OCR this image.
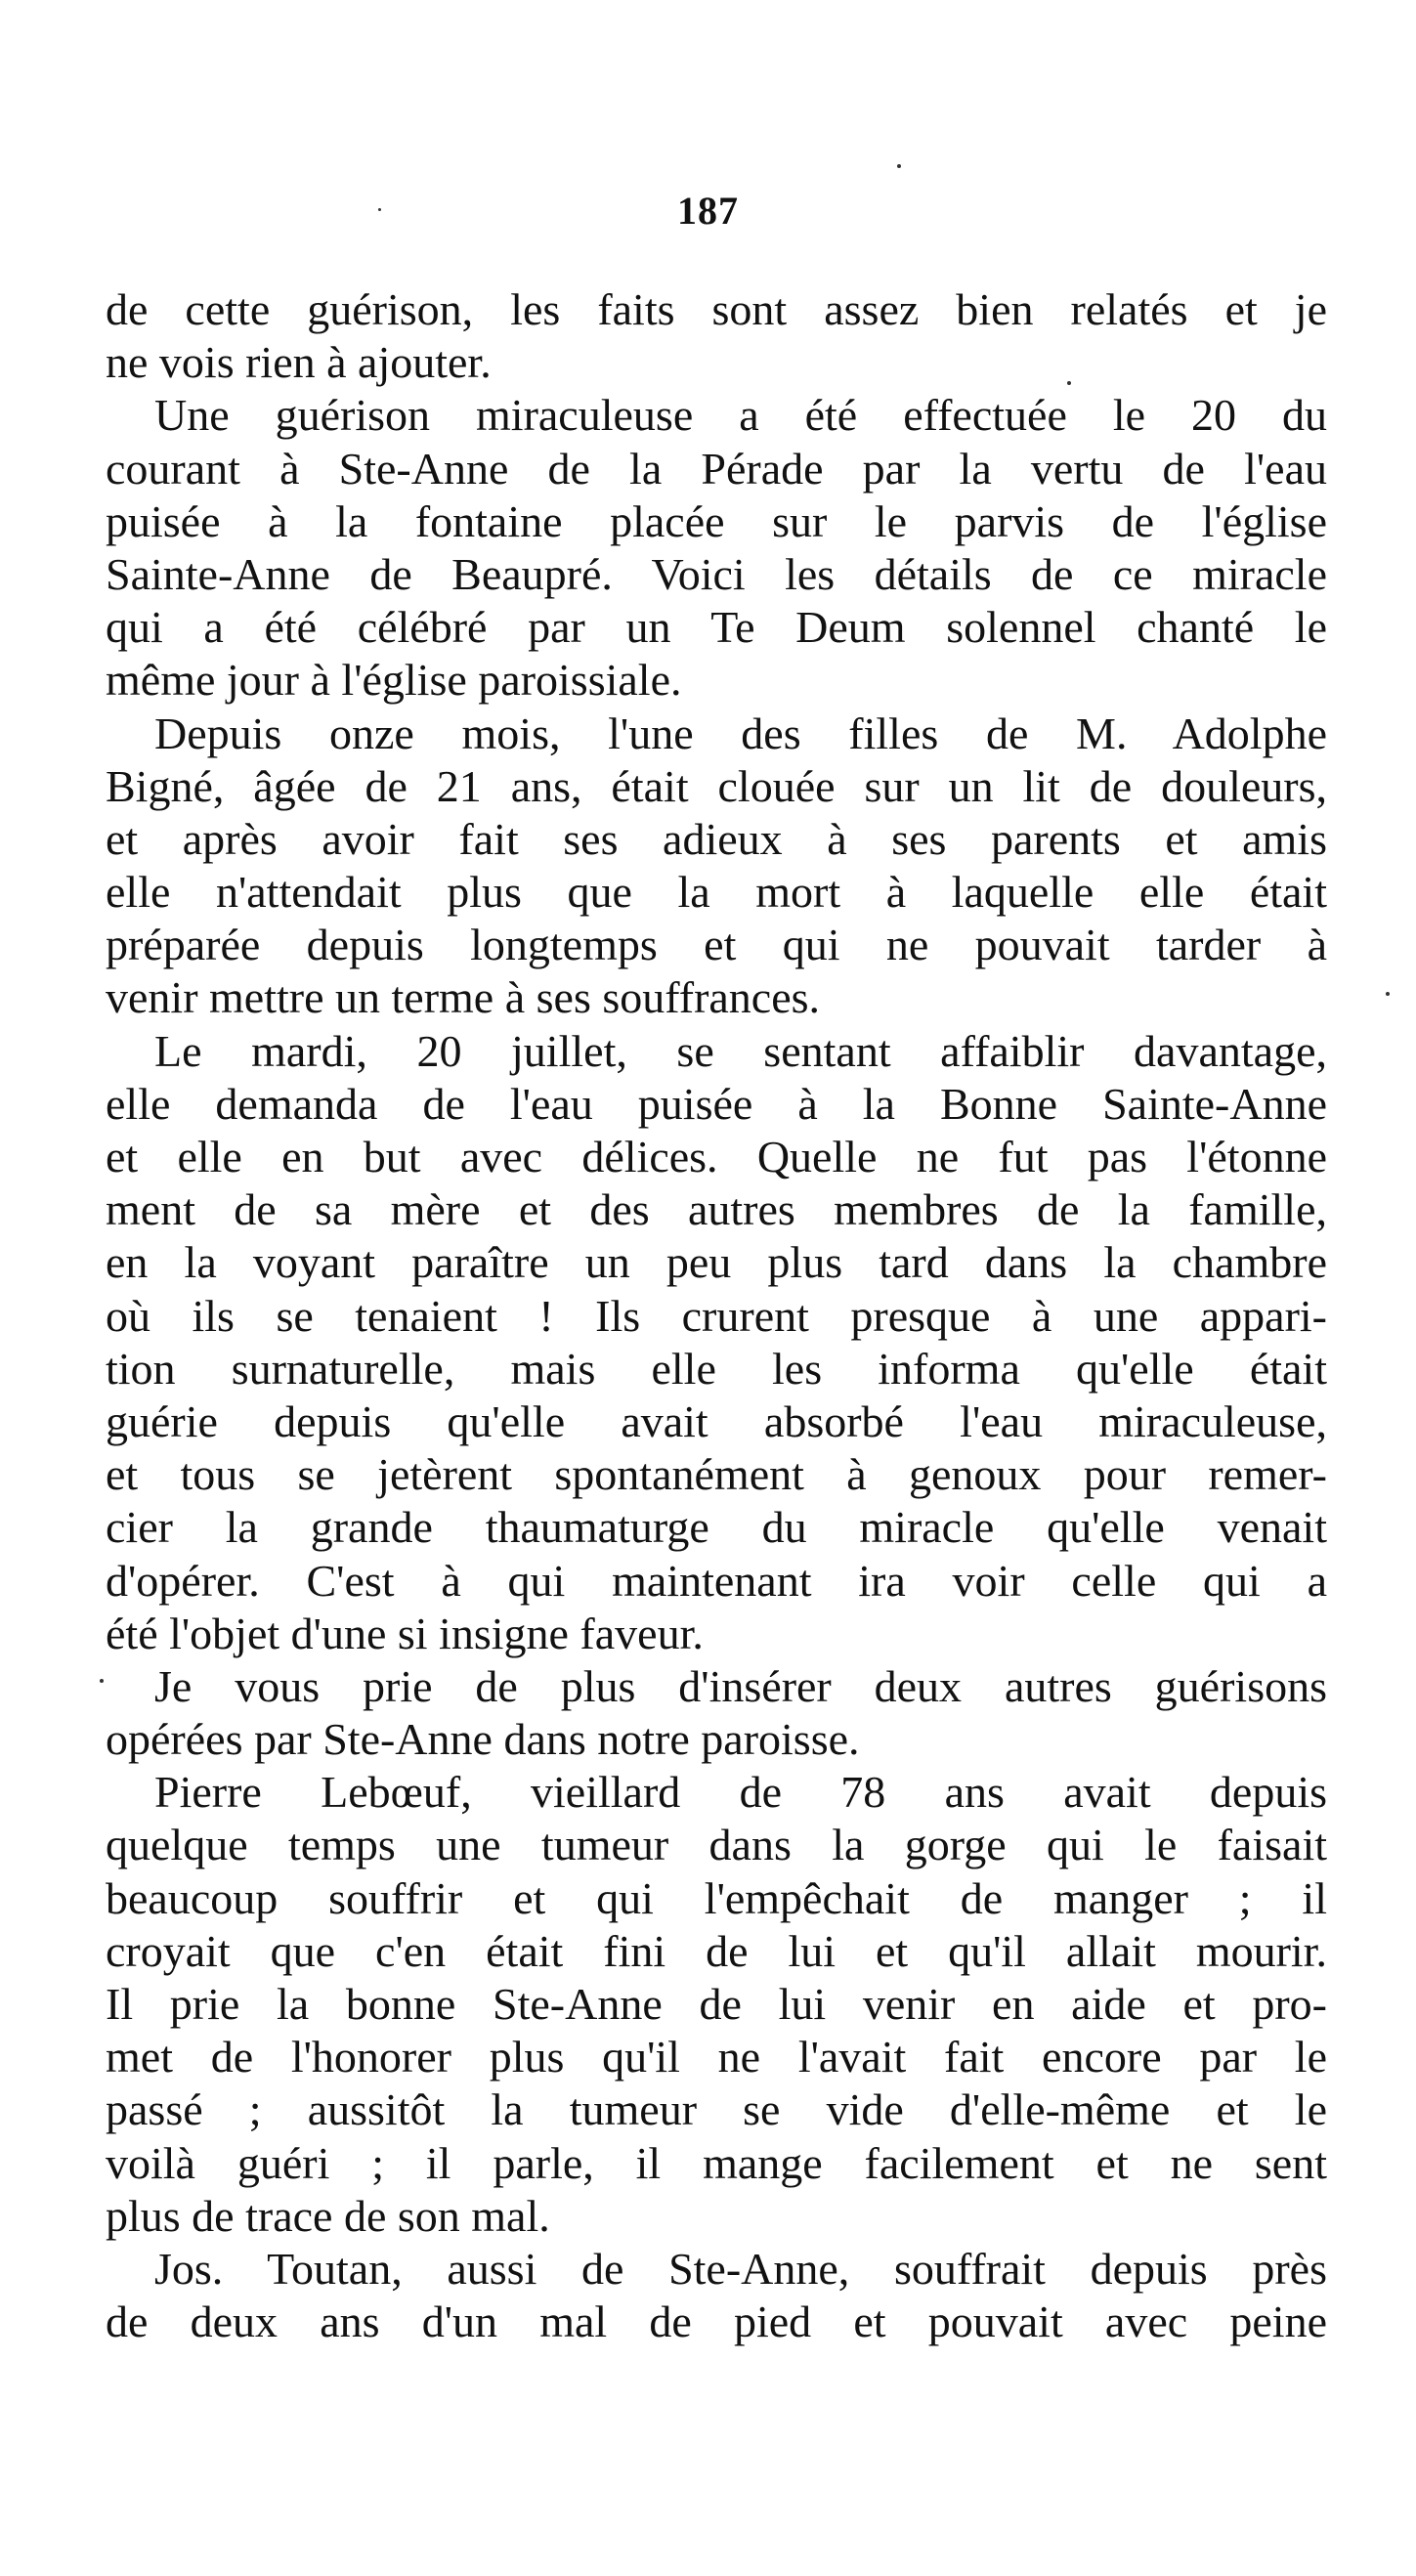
187
de cette guérison, les faits sont assez bien relatés et je
ne vois rien à ajouter.
Une guérison miraculeuse a été effectuée le 20 du
courant à Ste-Anne de la Pérade par la vertu de l'eau
puisée à la fontaine placée sur le parvis de l'église
Sainte-Anne de Beaupré. Voici les détails de ce miracle
qui a été célébré par un Te Deum solennel chanté le
même jour à l'église paroissiale.
Depuis onze mois, l'une des filles de M. Adolphe
Bigné, âgée de 21 ans, était clouée sur un lit de douleurs,
et après avoir fait ses adieux à ses parents et amis
elle n'attendait plus que la mort à laquelle elle était
préparée depuis longtemps et qui ne pouvait tarder à
venir mettre un terme à ses souffrances.
Le mardi, 20 juillet, se sentant affaiblir davantage,
elle demanda de l'eau puisée à la Bonne Sainte-Anne
et elle en but avec délices. Quelle ne fut pas l'étonne
ment de sa mère et des autres membres de la famille,
en la voyant paraître un peu plus tard dans la chambre
où ils se tenaient ! Ils crurent presque à une appari-
tion surnaturelle, mais elle les informa qu'elle était
guérie depuis qu'elle avait absorbé l'eau miraculeuse,
et tous se jetèrent spontanément à genoux pour remer-
cier la grande thaumaturge du miracle qu'elle venait
d'opérer. C'est à qui maintenant ira voir celle qui a
été l'objet d'une si insigne faveur.
Je vous prie de plus d'insérer deux autres guérisons
opérées par Ste-Anne dans notre paroisse.
Pierre Lebœuf, vieillard de 78 ans avait depuis
quelque temps une tumeur dans la gorge qui le faisait
beaucoup souffrir et qui l'empêchait de manger ; il
croyait que c'en était fini de lui et qu'il allait mourir.
Il prie la bonne Ste-Anne de lui venir en aide et pro-
met de l'honorer plus qu'il ne l'avait fait encore par le
passé ; aussitôt la tumeur se vide d'elle-même et le
voilà guéri ; il parle, il mange facilement et ne sent
plus de trace de son mal.
Jos. Toutan, aussi de Ste-Anne, souffrait depuis près
de deux ans d'un mal de pied et pouvait avec peine
